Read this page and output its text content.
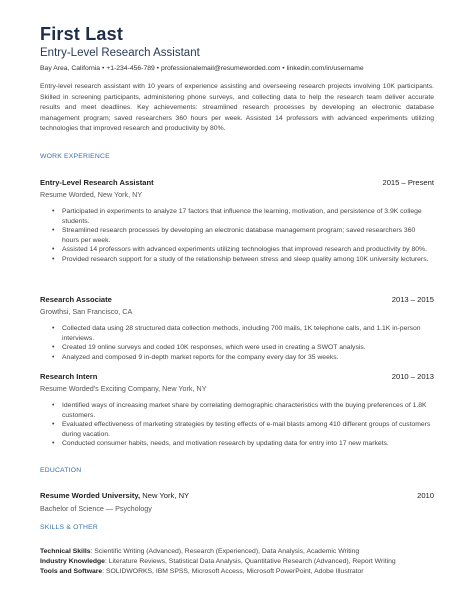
First Last
Entry-Level Research Assistant
Bay Area, California • +1-234-456-789 • professionalemail@resumeworded.com • linkedin.com/in/username
Entry-level research assistant with 10 years of experience assisting and overseeing research projects involving 10K participants. Skilled in screening participants, administering phone surveys, and collecting data to help the research team deliver accurate results and meet deadlines. Key achievements: streamlined research processes by developing an electronic database management program; saved researchers 360 hours per week. Assisted 14 professors with advanced experiments utilizing technologies that improved research and productivity by 80%.
WORK EXPERIENCE
Entry-Level Research Assistant	2015 – Present
Resume Worded, New York, NY
• Participated in experiments to analyze 17 factors that influence the learning, motivation, and persistence of 3.9K college students.
• Streamlined research processes by developing an electronic database management program; saved researchers 360 hours per week.
• Assisted 14 professors with advanced experiments utilizing technologies that improved research and productivity by 80%.
• Provided research support for a study of the relationship between stress and sleep quality among 10K university lecturers.
Research Associate	2013 – 2015
Growthsi, San Francisco, CA
• Collected data using 28 structured data collection methods, including 700 mails, 1K telephone calls, and 1.1K in-person interviews.
• Created 19 online surveys and coded 10K responses, which were used in creating a SWOT analysis.
• Analyzed and composed 9 in-depth market reports for the company every day for 35 weeks.
Research Intern	2010 – 2013
Resume Worded's Exciting Company, New York, NY
• Identified ways of increasing market share by correlating demographic characteristics with the buying preferences of 1.8K customers.
• Evaluated effectiveness of marketing strategies by testing effects of e-mail blasts among 410 different groups of customers during vacation.
• Conducted consumer habits, needs, and motivation research by updating data for entry into 17 new markets.
EDUCATION
Resume Worded University, New York, NY	2010
Bachelor of Science — Psychology
SKILLS & OTHER
Technical Skills: Scientific Writing (Advanced), Research (Experienced), Data Analysis, Academic Writing
Industry Knowledge: Literature Reviews, Statistical Data Analysis, Quantitative Research (Advanced), Report Writing
Tools and Software: SOLIDWORKS, IBM SPSS, Microsoft Access, Microsoft PowerPoint, Adobe Illustrator
